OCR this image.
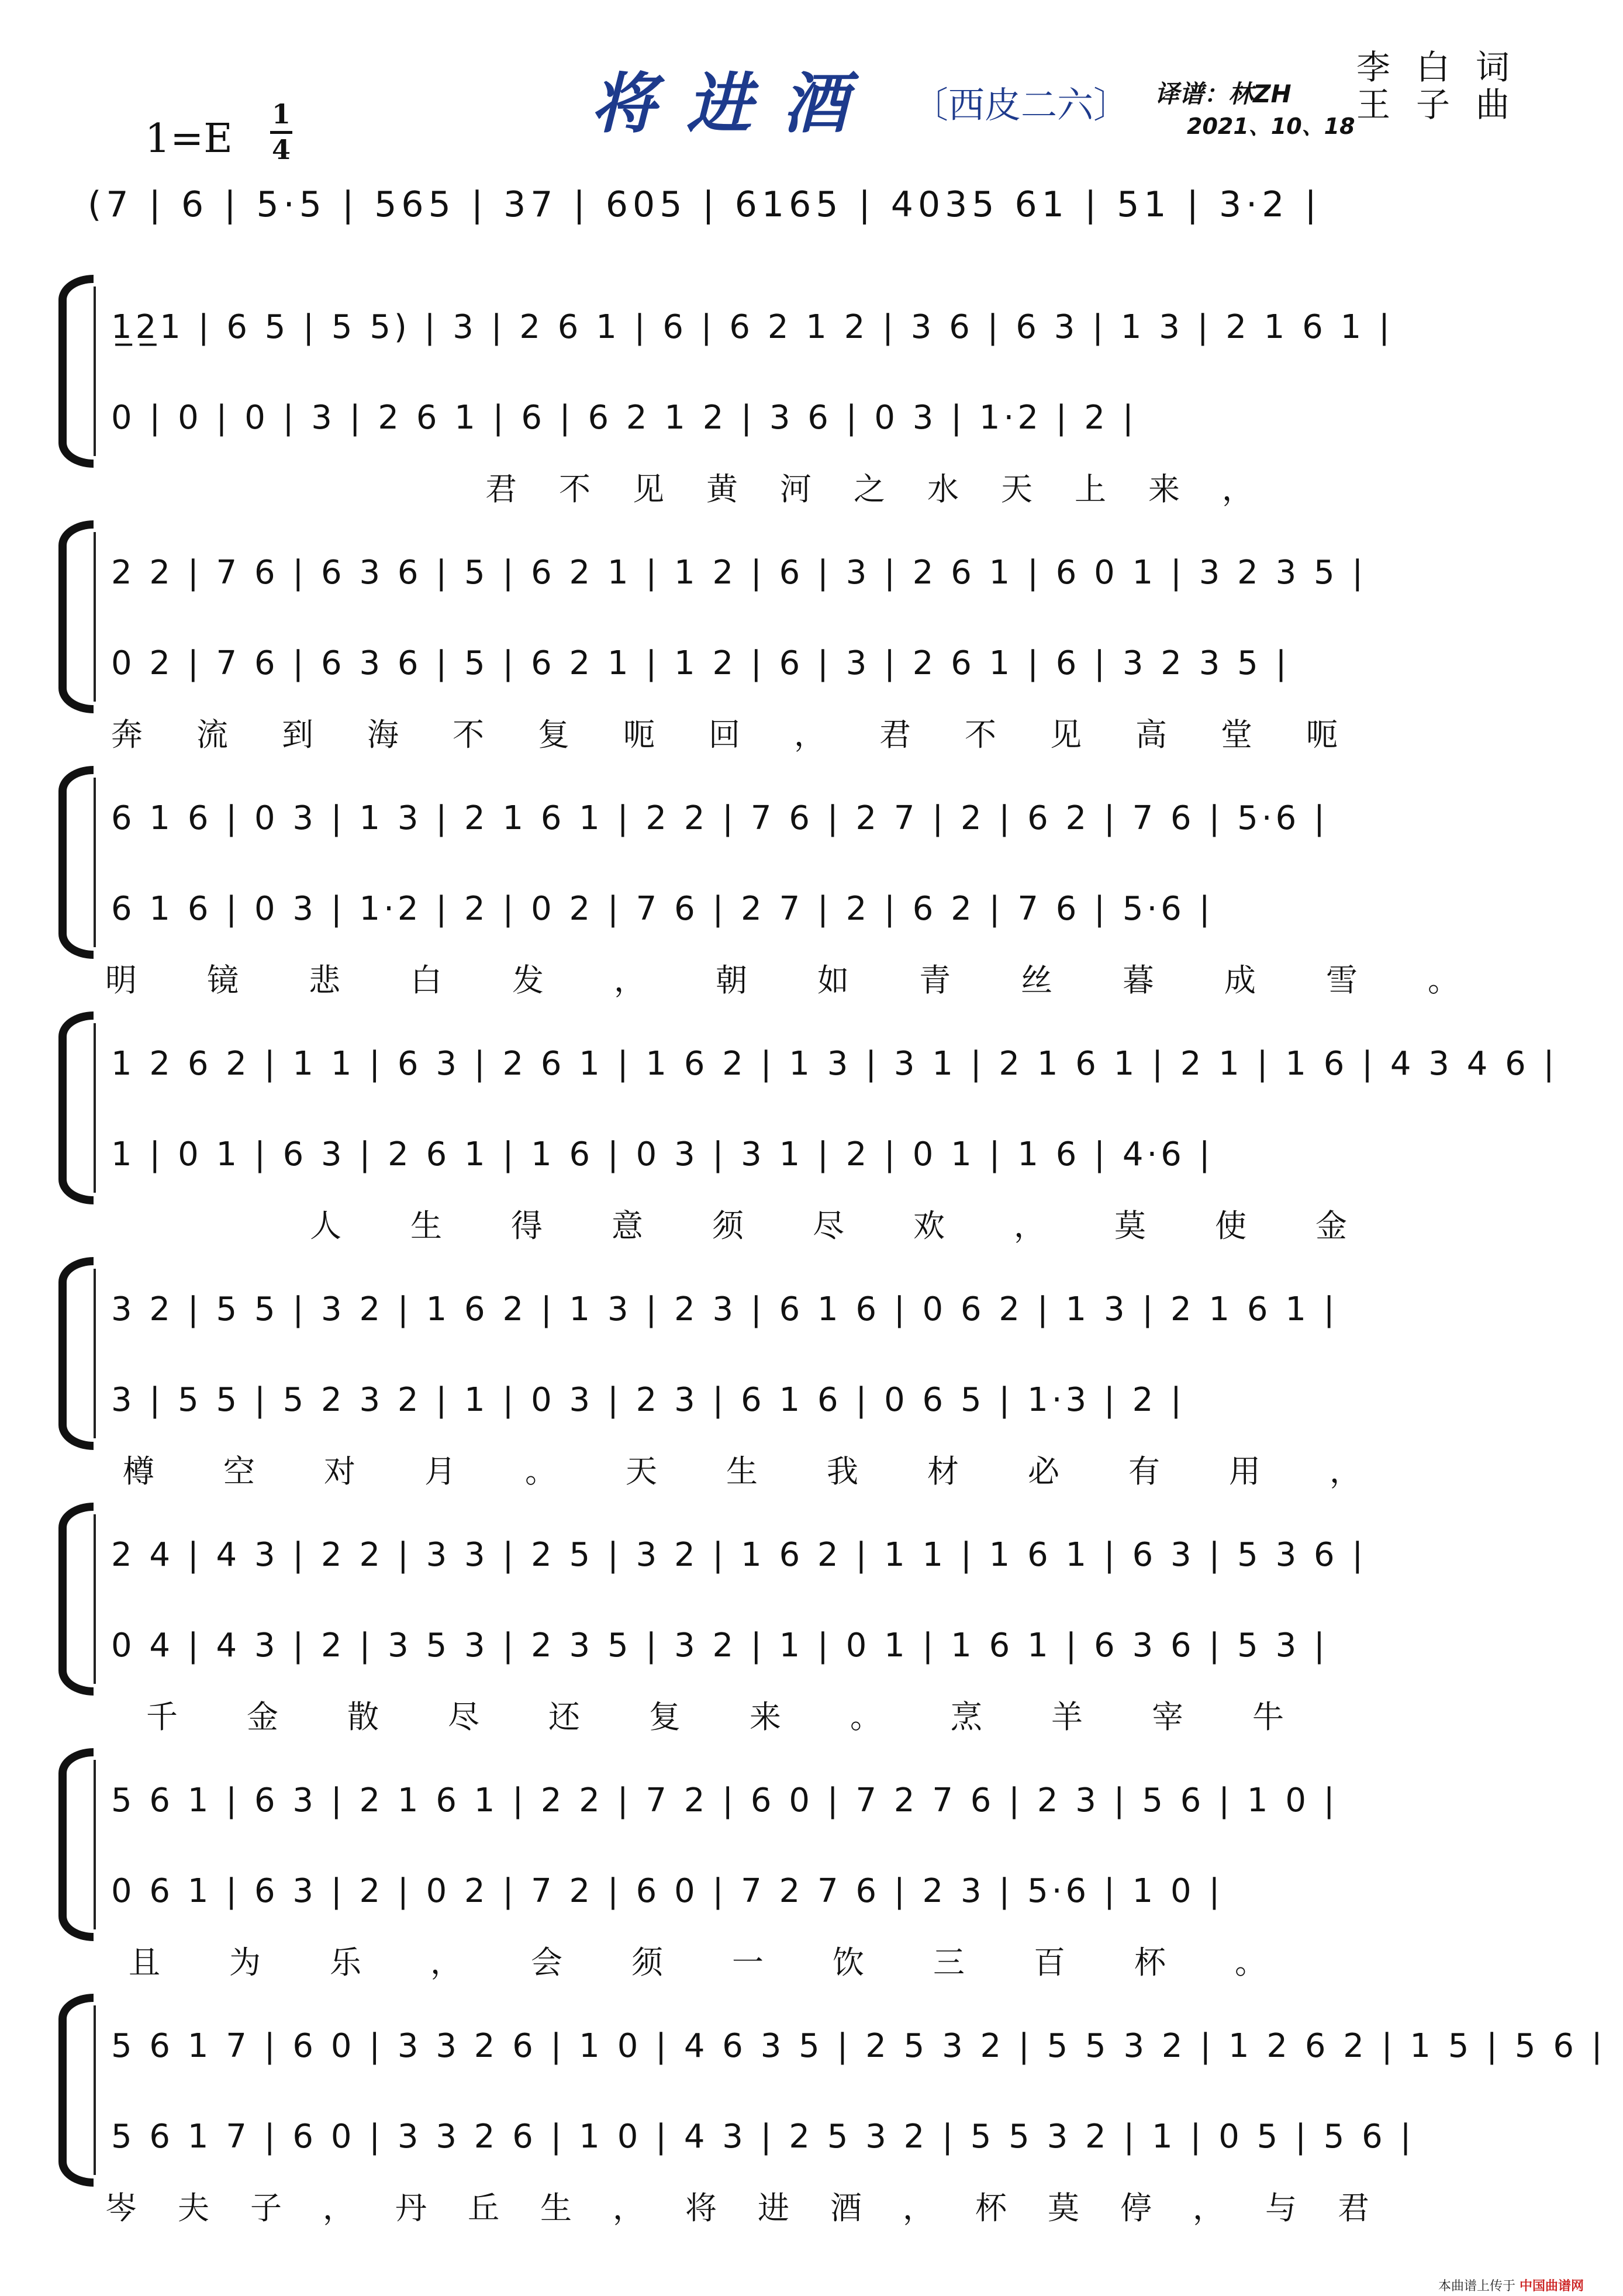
将进酒 〔西皮二六〕 译谱：林ZH
2021、10、18
李白词
王子曲
1=E
1
4
(7 | 6 | 5·5 | 565 | 37 | 605 | 6165 | 4035 61 | 51 | 3·2 |
1̲2̲1 | 6 5 | 5 5) | 3 | 2 6 1 | 6 | 6 2 1 2 | 3 6 | 6 3 | 1 3 | 2 1 6 1 |
0 | 0 | 0 | 3 | 2 6 1 | 6 | 6 2 1 2 | 3 6 | 0 3 | 1·2 | 2 |
君不见黄河之水天上来，
2 2 | 7 6 | 6 3 6 | 5 | 6 2 1 | 1 2 | 6 | 3 | 2 6 1 | 6 0 1 | 3 2 3 5 |
0 2 | 7 6 | 6 3 6 | 5 | 6 2 1 | 1 2 | 6 | 3 | 2 6 1 | 6 | 3 2 3 5 |
奔流到海不复呃回，君不见高堂呃
6 1 6 | 0 3 | 1 3 | 2 1 6 1 | 2 2 | 7 6 | 2 7 | 2 | 6 2 | 7 6 | 5·6 |
6 1 6 | 0 3 | 1·2 | 2 | 0 2 | 7 6 | 2 7 | 2 | 6 2 | 7 6 | 5·6 |
明镜悲白发，朝如青丝暮成雪。
1 2 6 2 | 1 1 | 6 3 | 2 6 1 | 1 6 2 | 1 3 | 3 1 | 2 1 6 1 | 2 1 | 1 6 | 4 3 4 6 |
1 | 0 1 | 6 3 | 2 6 1 | 1 6 | 0 3 | 3 1 | 2 | 0 1 | 1 6 | 4·6 |
人生得意须尽欢，莫使金
3 2 | 5 5 | 3 2 | 1 6 2 | 1 3 | 2 3 | 6 1 6 | 0 6 2 | 1 3 | 2 1 6 1 |
3 | 5 5 | 5 2 3 2 | 1 | 0 3 | 2 3 | 6 1 6 | 0 6 5 | 1·3 | 2 |
樽空对月。天生我材必有用，
2 4 | 4 3 | 2 2 | 3 3 | 2 5 | 3 2 | 1 6 2 | 1 1 | 1 6 1 | 6 3 | 5 3 6 |
0 4 | 4 3 | 2 | 3 5 3 | 2 3 5 | 3 2 | 1 | 0 1 | 1 6 1 | 6 3 6 | 5 3 |
千金散尽还复来。烹羊宰牛
5 6 1 | 6 3 | 2 1 6 1 | 2 2 | 7 2 | 6 0 | 7 2 7 6 | 2 3 | 5 6 | 1 0 |
0 6 1 | 6 3 | 2 | 0 2 | 7 2 | 6 0 | 7 2 7 6 | 2 3 | 5·6 | 1 0 |
且为乐，会须一饮三百杯。
5 6 1 7 | 6 0 | 3 3 2 6 | 1 0 | 4 6 3 5 | 2 5 3 2 | 5 5 3 2 | 1 2 6 2 | 1 5 | 5 6 |
5 6 1 7 | 6 0 | 3 3 2 6 | 1 0 | 4 3 | 2 5 3 2 | 5 5 3 2 | 1 | 0 5 | 5 6 |
岑夫子，丹丘生，将进酒，杯莫停，与君
本曲谱上传于 中国曲谱网
